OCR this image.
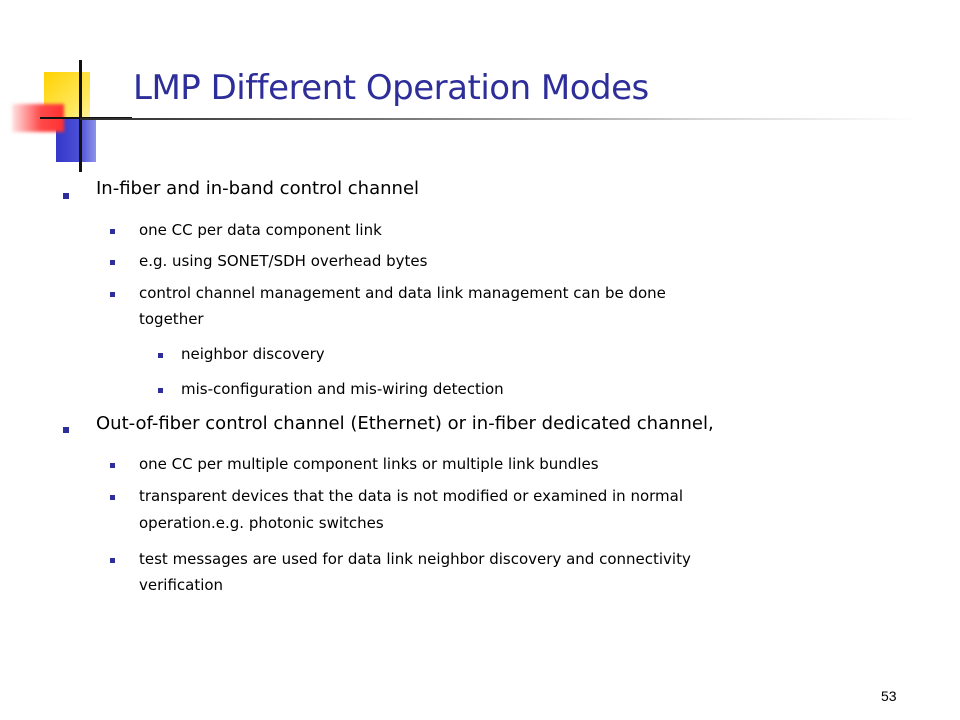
LMP Different Operation Modes
In-fiber and in-band control channel
one CC per data component link
e.g. using SONET/SDH overhead bytes
control channel management and data link management can be done
together
neighbor discovery
mis-configuration and mis-wiring detection
Out-of-fiber control channel (Ethernet) or in-fiber dedicated channel,
one CC per multiple component links or multiple link bundles
transparent devices that the data is not modified or examined in normal
operation.e.g. photonic switches
test messages are used for data link neighbor discovery and connectivity
verification
53
